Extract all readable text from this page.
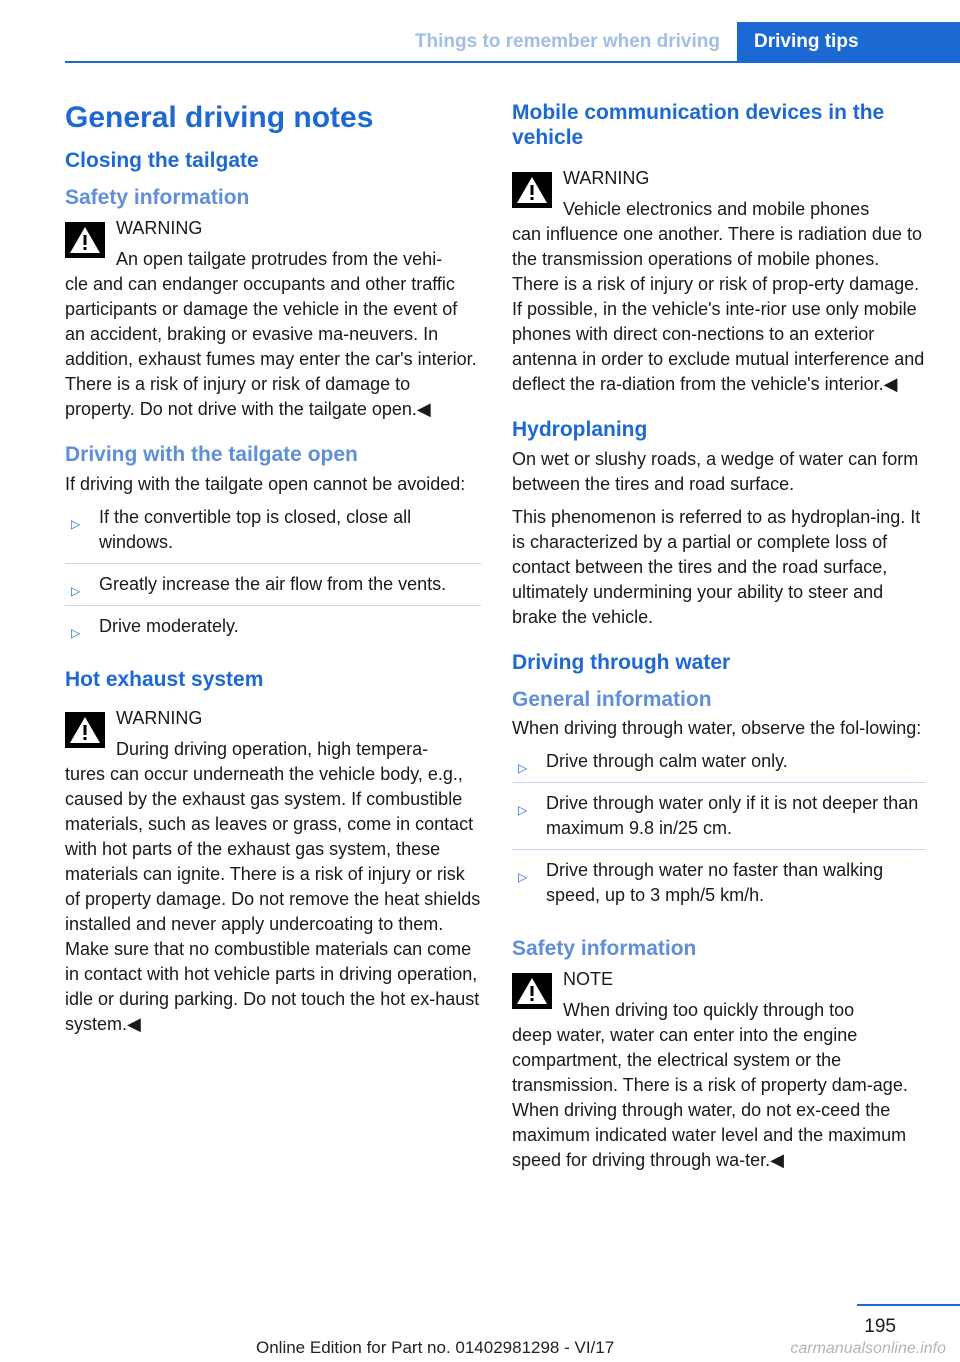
Things to remember when driving	Driving tips
General driving notes
Closing the tailgate
Safety information
WARNING
An open tailgate protrudes from the vehi‐
cle and can endanger occupants and other traffic participants or damage the vehicle in the event of an accident, braking or evasive ma‐neuvers. In addition, exhaust fumes may enter the car's interior. There is a risk of injury or risk of damage to property. Do not drive with the tailgate open.◀
Driving with the tailgate open

If driving with the tailgate open cannot be avoided:

▷ If the convertible top is closed, close all windows.
▷ Greatly increase the air flow from the vents.
▷ Drive moderately.
Hot exhaust system
WARNING
During driving operation, high tempera‐
tures can occur underneath the vehicle body, e.g., caused by the exhaust gas system. If combustible materials, such as leaves or grass, come in contact with hot parts of the exhaust gas system, these materials can ignite. There is a risk of injury or risk of property damage. Do not remove the heat shields installed and never apply undercoating to them. Make sure that no combustible materials can come in contact with hot vehicle parts in driving operation, idle or during parking. Do not touch the hot ex‐haust system.◀
Mobile communication devices in the vehicle
WARNING
Vehicle electronics and mobile phones
can influence one another. There is radiation due to the transmission operations of mobile phones. There is a risk of injury or risk of prop‐erty damage. If possible, in the vehicle's inte‐rior use only mobile phones with direct con‐nections to an exterior antenna in order to exclude mutual interference and deflect the ra‐diation from the vehicle's interior.◀
Hydroplaning

On wet or slushy roads, a wedge of water can form between the tires and road surface.

This phenomenon is referred to as hydroplan‐ing. It is characterized by a partial or complete loss of contact between the tires and the road surface, ultimately undermining your ability to steer and brake the vehicle.

Driving through water
General information

When driving through water, observe the fol‐lowing:

▷ Drive through calm water only.
▷ Drive through water only if it is not deeper than maximum 9.8 in/25 cm.
▷ Drive through water no faster than walking speed, up to 3 mph/5 km/h.
Safety information
NOTE
When driving too quickly through too
deep water, water can enter into the engine compartment, the electrical system or the transmission. There is a risk of property dam‐age. When driving through water, do not ex‐ceed the maximum indicated water level and the maximum speed for driving through wa‐ter.◀
195
Online Edition for Part no. 01402981298 - VI/17	carmanualsonline.info
